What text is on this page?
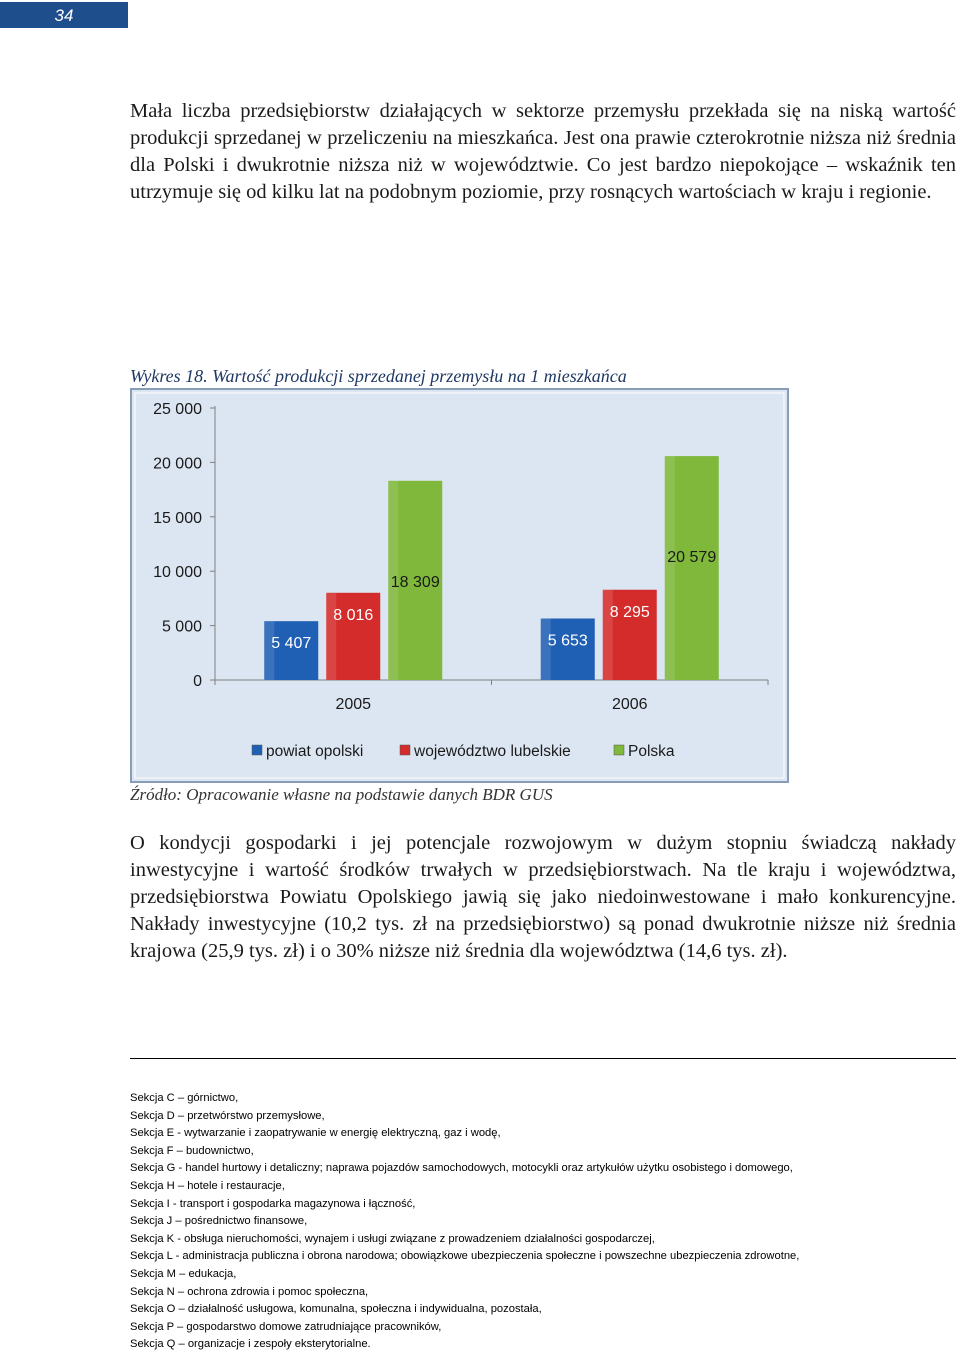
34

Mała liczba przedsiębiorstw działających w sektorze przemysłu przekłada się na niską wartość produkcji sprzedanej w przeliczeniu na mieszkańca. Jest ona prawie czterokrotnie niższa niż średnia dla Polski i dwukrotnie niższa niż w województwie. Co jest bardzo niepokojące – wskaźnik ten utrzymuje się od kilku lat na podobnym poziomie, przy rosnących wartościach w kraju i regionie.

Wykres 18. Wartość produkcji sprzedanej przemysłu na 1 mieszkańca

0
5 000
10 000
15 000
20 000
25 000
2005
5 407
8 016
18 309
2006
5 653
8 295
20 579
powiat opolski	województwo lubelskie	Polska

Źródło: Opracowanie własne na podstawie danych BDR GUS

O kondycji gospodarki i jej potencjale rozwojowym w dużym stopniu świadczą nakłady inwestycyjne i wartość środków trwałych w przedsiębiorstwach. Na tle kraju i województwa, przedsiębiorstwa Powiatu Opolskiego jawią się jako niedoinwestowane i mało konkurencyjne. Nakłady inwestycyjne (10,2 tys. zł na przedsiębiorstwo) są ponad dwukrotnie niższe niż średnia krajowa (25,9 tys. zł) i o 30% niższe niż średnia dla województwa (14,6 tys. zł).

Sekcja C – górnictwo,
Sekcja D – przetwórstwo przemysłowe,
Sekcja E - wytwarzanie i zaopatrywanie w energię elektryczną, gaz i wodę,
Sekcja F – budownictwo,
Sekcja G - handel hurtowy i detaliczny; naprawa pojazdów samochodowych, motocykli oraz artykułów użytku osobistego i domowego,
Sekcja H – hotele i restauracje,
Sekcja I - transport i gospodarka magazynowa i łączność,
Sekcja J – pośrednictwo finansowe,
Sekcja K - obsługa nieruchomości, wynajem i usługi związane z prowadzeniem działalności gospodarczej,
Sekcja L - administracja publiczna i obrona narodowa; obowiązkowe ubezpieczenia społeczne i powszechne ubezpieczenia zdrowotne,
Sekcja M – edukacja,
Sekcja N – ochrona zdrowia i pomoc społeczna,
Sekcja O – działalność usługowa, komunalna, społeczna i indywidualna, pozostała,
Sekcja P – gospodarstwo domowe zatrudniające pracowników,
Sekcja Q – organizacje i zespoły eksterytorialne.
